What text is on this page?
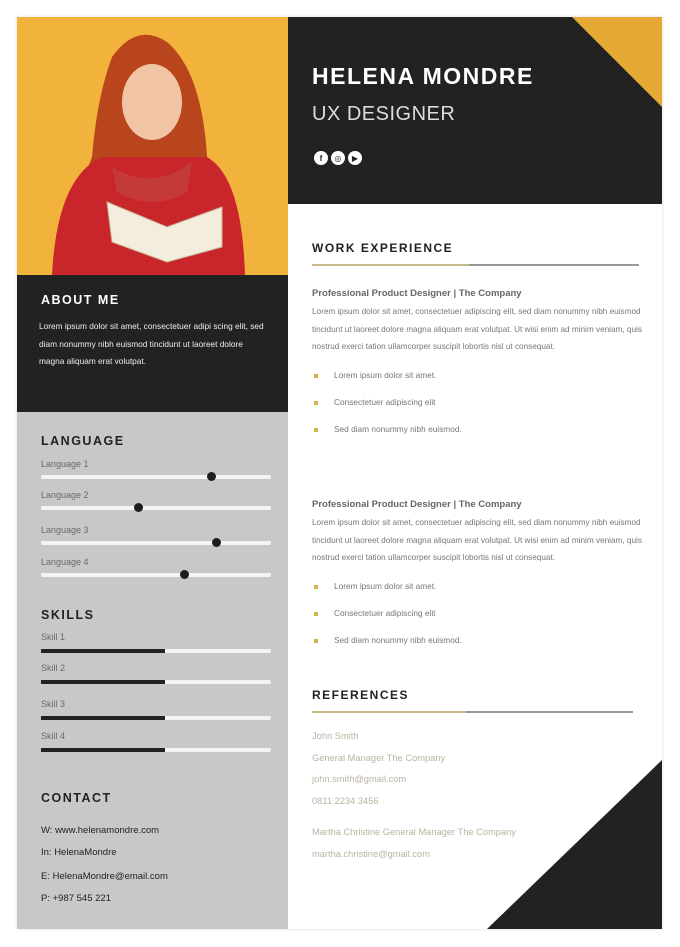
ABOUT ME

Lorem ipsum dolor sit amet, consectetuer adipi scing elit, sed diam nonummy nibh euismod tincidunt ut laoreet dolore magna aliquam erat volutpat.

LANGUAGE
Language 1
Language 2
Language 3
Language 4
SKILLS
Skill 1
Skill 2
Skill 3
Skill 4
CONTACT
W: www.helenamondre.com
In: HelenaMondre
E: HelenaMondre@email.com
P: +987 545 221
HELENA MONDRE
UX DESIGNER
f	◎	▶
WORK EXPERIENCE
Professional Product Designer | The Company
Lorem ipsum dolor sit amet, consectetuer adipiscing elit, sed diam nonummy nibh euismod tincidunt ut laoreet dolore magna aliquam erat volutpat. Ut wisi enim ad minim veniam, quis nostrud exerci tation ullamcorper suscipit lobortis nisl ut consequat.
Lorem ipsum dolor sit amet.
Consectetuer adipiscing elit
Sed diam nonummy nibh euismod.
Professional Product Designer | The Company
Lorem ipsum dolor sit amet, consectetuer adipiscing elit, sed diam nonummy nibh euismod tincidunt ut laoreet dolore magna aliquam erat volutpat. Ut wisi enim ad minim veniam, quis nostrud exerci tation ullamcorper suscipit lobortis nisl ut consequat.
Lorem ipsum dolor sit amet.
Consectetuer adipiscing elit
Sed diam nonummy nibh euismod.
REFERENCES
John Smith
General Manager The Company
john.smith@gmail.com
0811 2234 3456
Martha Christine General Manager The Company
martha.christine@gmail.com
